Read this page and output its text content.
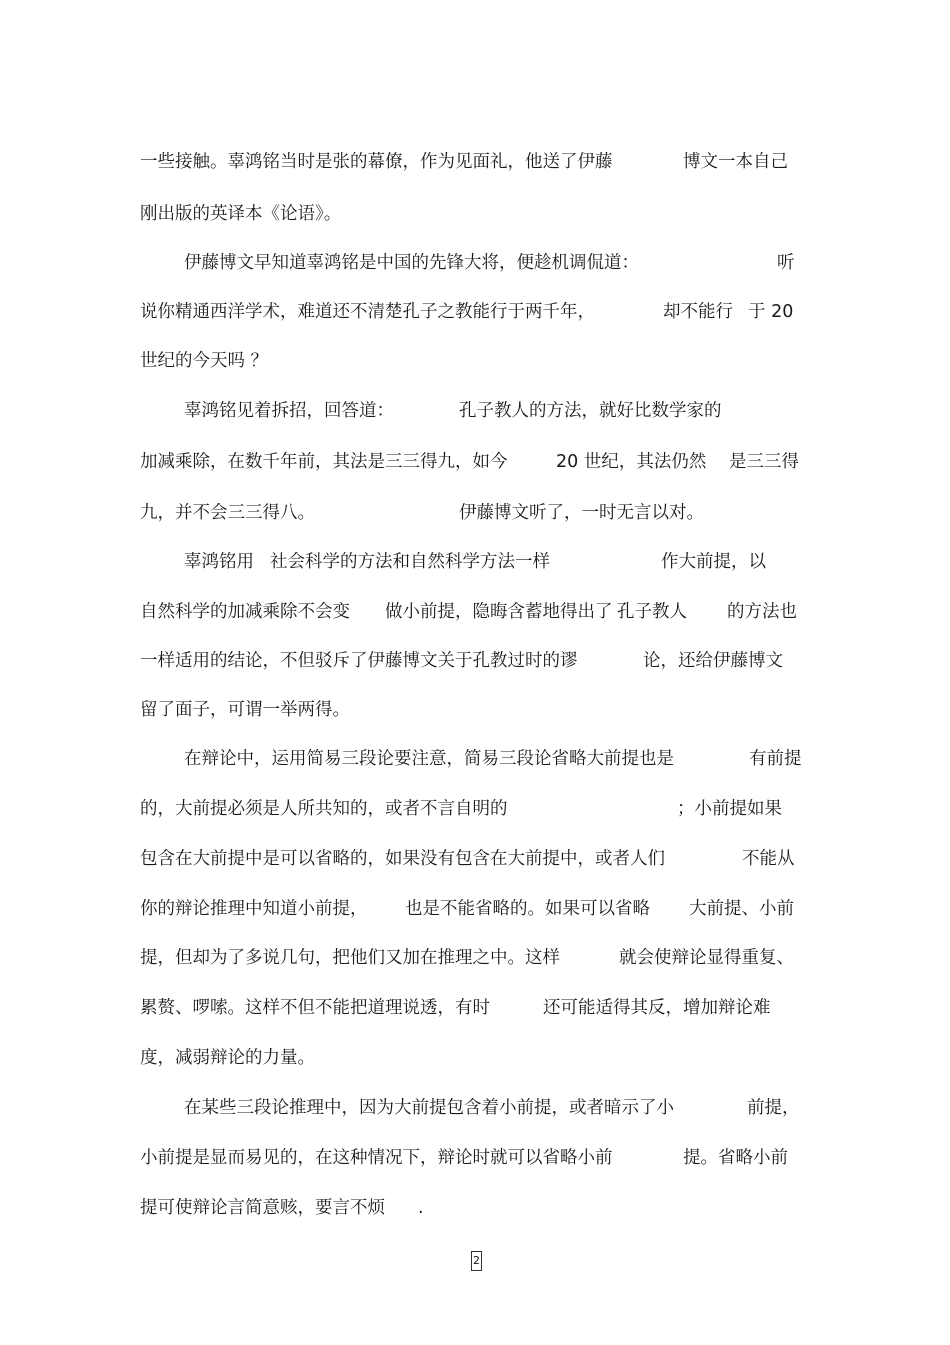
一些接触。辜鸿铭当时是张的幕僚，作为见面礼，他送了伊藤

	博文一本自己

刚出版的英译本《论语》。

伊藤博文早知道辜鸿铭是中国的先锋大将，便趁机调侃道：

	听

说你精通西洋学术，难道还不清楚孔子之教能行于两千年，

	却不能行

于 20

世纪的今天吗 ？

辜鸿铭见着拆招，回答道：

	孔子教人的方法，就好比数学家的

加减乘除，在数千年前，其法是三三得九，如今

	20 世纪，其法仍然

是三三得

九，并不会三三得八。

	伊藤博文听了，一时无言以对。

辜鸿铭用

社会科学的方法和自然科学方法一样

	作大前提，以

自然科学的加减乘除不会变

做小前提，隐晦含蓄地得出了

孔子教人

的方法也

一样适用的结论，不但驳斥了伊藤博文关于孔教过时的谬

	论，还给伊藤博文

留了面子，可谓一举两得。

在辩论中，运用简易三段论要注意，简易三段论省略大前提也是

	有前提

的，大前提必须是人所共知的，或者不言自明的

	；小前提如果

包含在大前提中是可以省略的，如果没有包含在大前提中，或者人们

	不能从

你的辩论推理中知道小前提，

也是不能省略的。如果可以省略

大前提、小前

提，但却为了多说几句，把他们又加在推理之中。这样

	就会使辩论显得重复、

累赘、啰嗦。这样不但不能把道理说透，有时

	还可能适得其反，增加辩论难

度，减弱辩论的力量。

在某些三段论推理中，因为大前提包含着小前提，或者暗示了小

	前提，

小前提是显而易见的，在这种情况下，辩论时就可以省略小前

	提。省略小前

提可使辩论言简意赅，要言不烦

.

2
